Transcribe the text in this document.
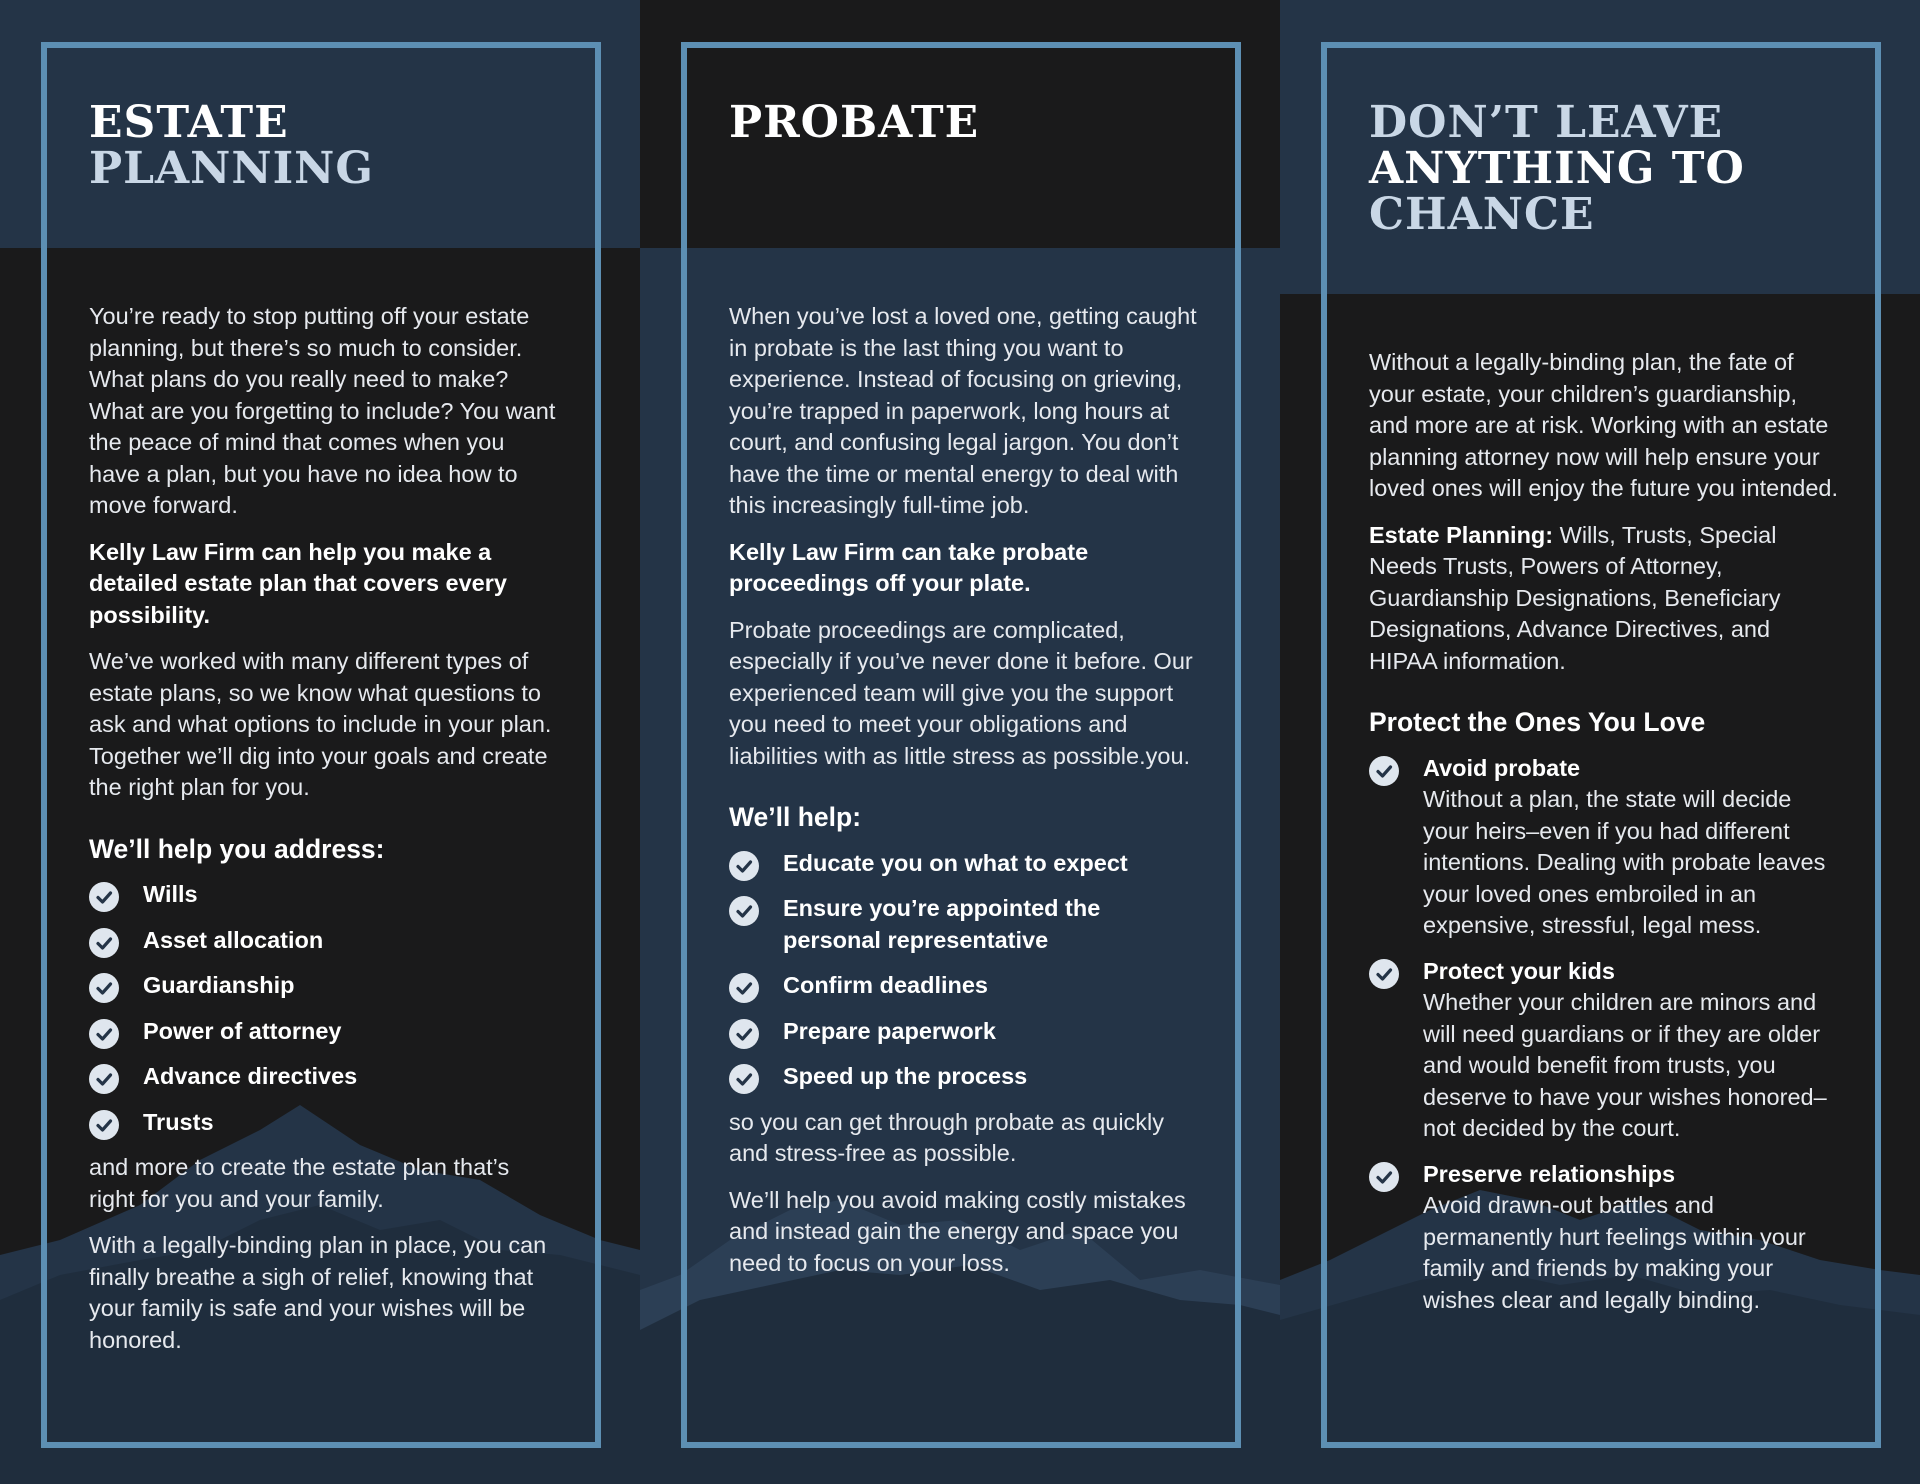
ESTATE
PLANNING

You’re ready to stop putting off your estate planning, but there’s so much to consider. What plans do you really need to make? What are you forgetting to include? You want the peace of mind that comes when you have a plan, but you have no idea how to move forward.

Kelly Law Firm can help you make a detailed estate plan that covers every possibility.

We’ve worked with many different types of estate plans, so we know what questions to ask and what options to include in your plan. Together we’ll dig into your goals and create the right plan for you.

We’ll help you address:
Wills
Asset allocation
Guardianship
Power of attorney
Advance directives
Trusts

and more to create the estate plan that’s right for you and your family.

With a legally-binding plan in place, you can finally breathe a sigh of relief, knowing that your family is safe and your wishes will be honored.

PROBATE

When you’ve lost a loved one, getting caught in probate is the last thing you want to experience. Instead of focusing on grieving, you’re trapped in paperwork, long hours at court, and confusing legal jargon. You don’t have the time or mental energy to deal with this increasingly full-time job.

Kelly Law Firm can take probate proceedings off your plate.

Probate proceedings are complicated, especially if you’ve never done it before. Our experienced team will give you the support you need to meet your obligations and liabilities with as little stress as possible.you.

We’ll help:
Educate you on what to expect
Ensure you’re appointed the personal representative
Confirm deadlines
Prepare paperwork
Speed up the process

so you can get through probate as quickly and stress-free as possible.

We’ll help you avoid making costly mistakes and instead gain the energy and space you need to focus on your loss.

DON’T LEAVE
ANYTHING TO
CHANCE

Without a legally-binding plan, the fate of your estate, your children’s guardianship, and more are at risk. Working with an estate planning attorney now will help ensure your loved ones will enjoy the future you intended.

Estate Planning: Wills, Trusts, Special Needs Trusts, Powers of Attorney, Guardianship Designations, Beneficiary Designations, Advance Directives, and HIPAA information.

Protect the Ones You Love
Avoid probate
Without a plan, the state will decide your heirs–even if you had different intentions. Dealing with probate leaves your loved ones embroiled in an expensive, stressful, legal mess.
Protect your kids
Whether your children are minors and will need guardians or if they are older and would benefit from trusts, you deserve to have your wishes honored–not decided by the court.
Preserve relationships
Avoid drawn-out battles and permanently hurt feelings within your family and friends by making your wishes clear and legally binding.
